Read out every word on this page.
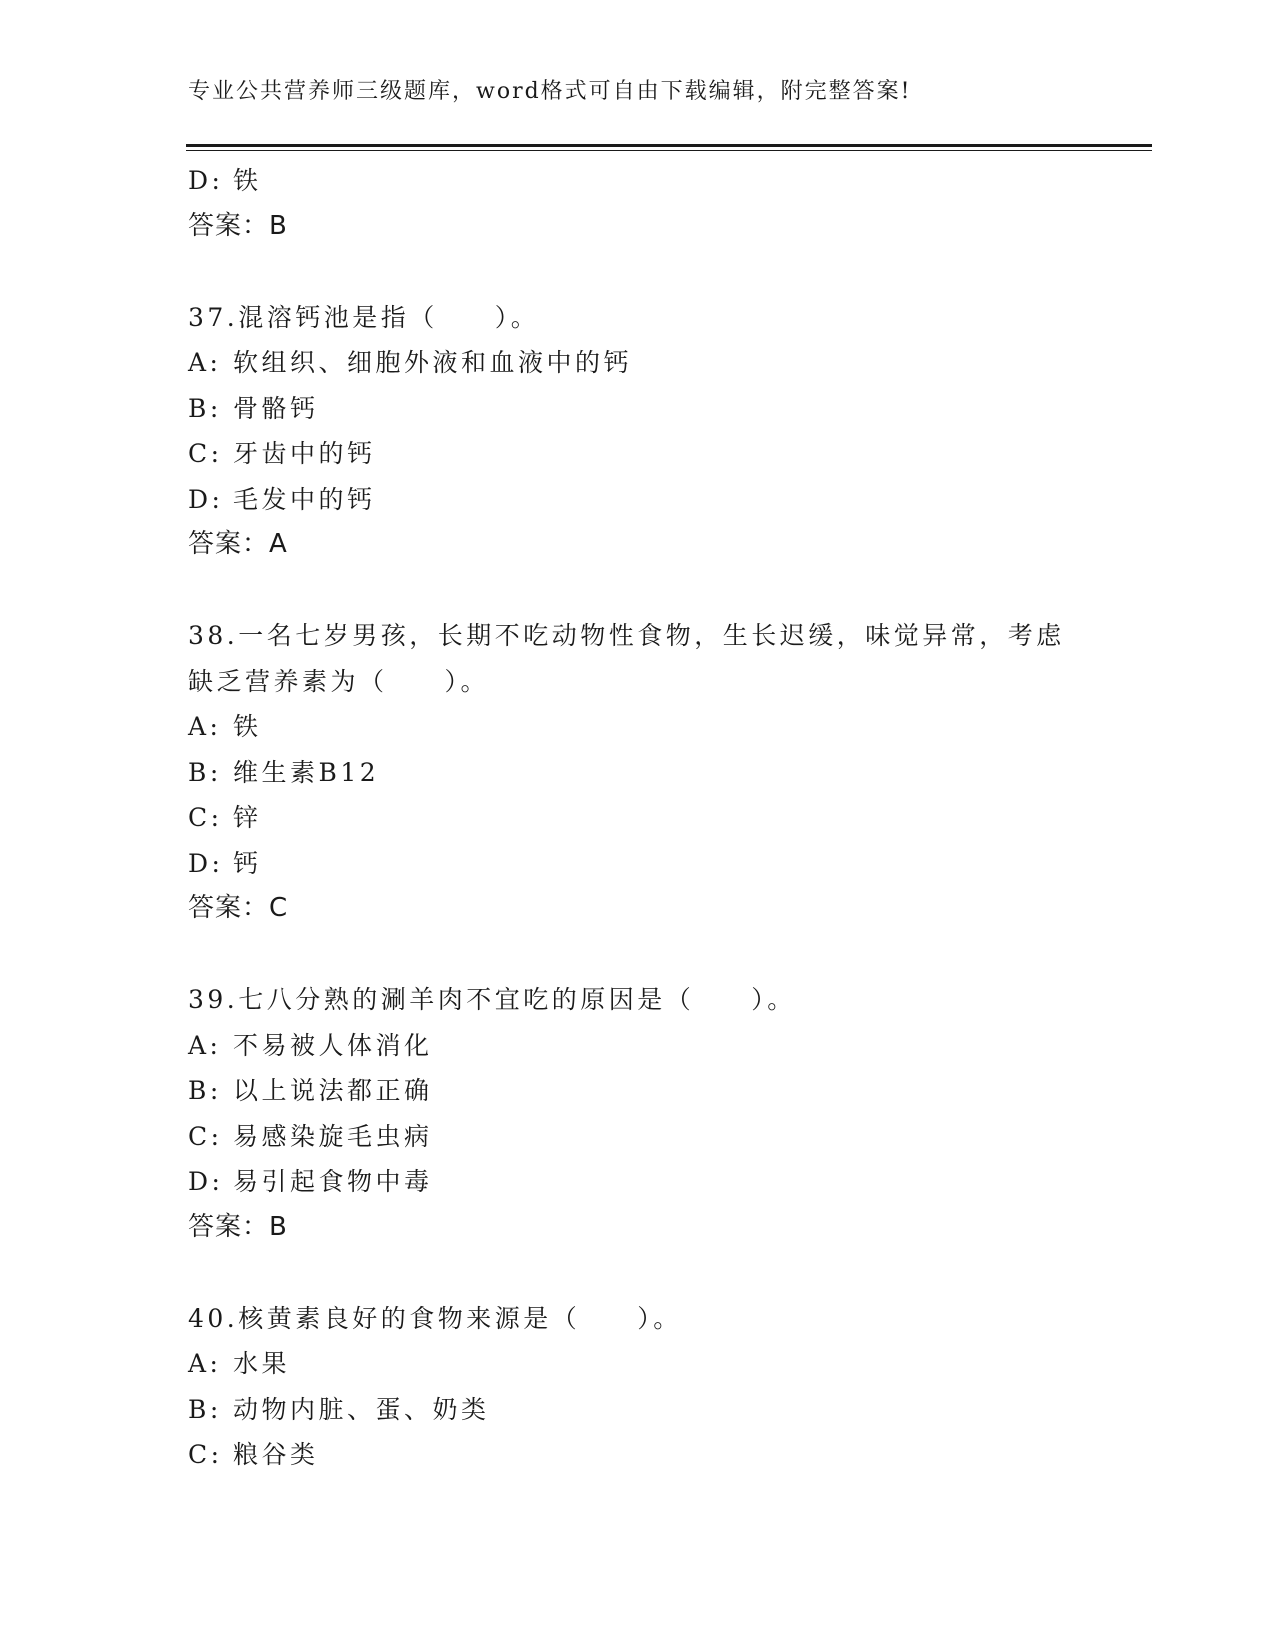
专业公共营养师三级题库，word格式可自由下载编辑，附完整答案!
D: 铁
答案：B
37.混溶钙池是指（　　）。
A: 软组织、细胞外液和血液中的钙
B: 骨骼钙
C: 牙齿中的钙
D: 毛发中的钙
答案：A
38.一名七岁男孩，长期不吃动物性食物，生长迟缓，味觉异常，考虑
缺乏营养素为（　　）。
A: 铁
B: 维生素B12
C: 锌
D: 钙
答案：C
39.七八分熟的涮羊肉不宜吃的原因是（　　）。
A: 不易被人体消化
B: 以上说法都正确
C: 易感染旋毛虫病
D: 易引起食物中毒
答案：B
40.核黄素良好的食物来源是（　　）。
A: 水果
B: 动物内脏、蛋、奶类
C: 粮谷类
